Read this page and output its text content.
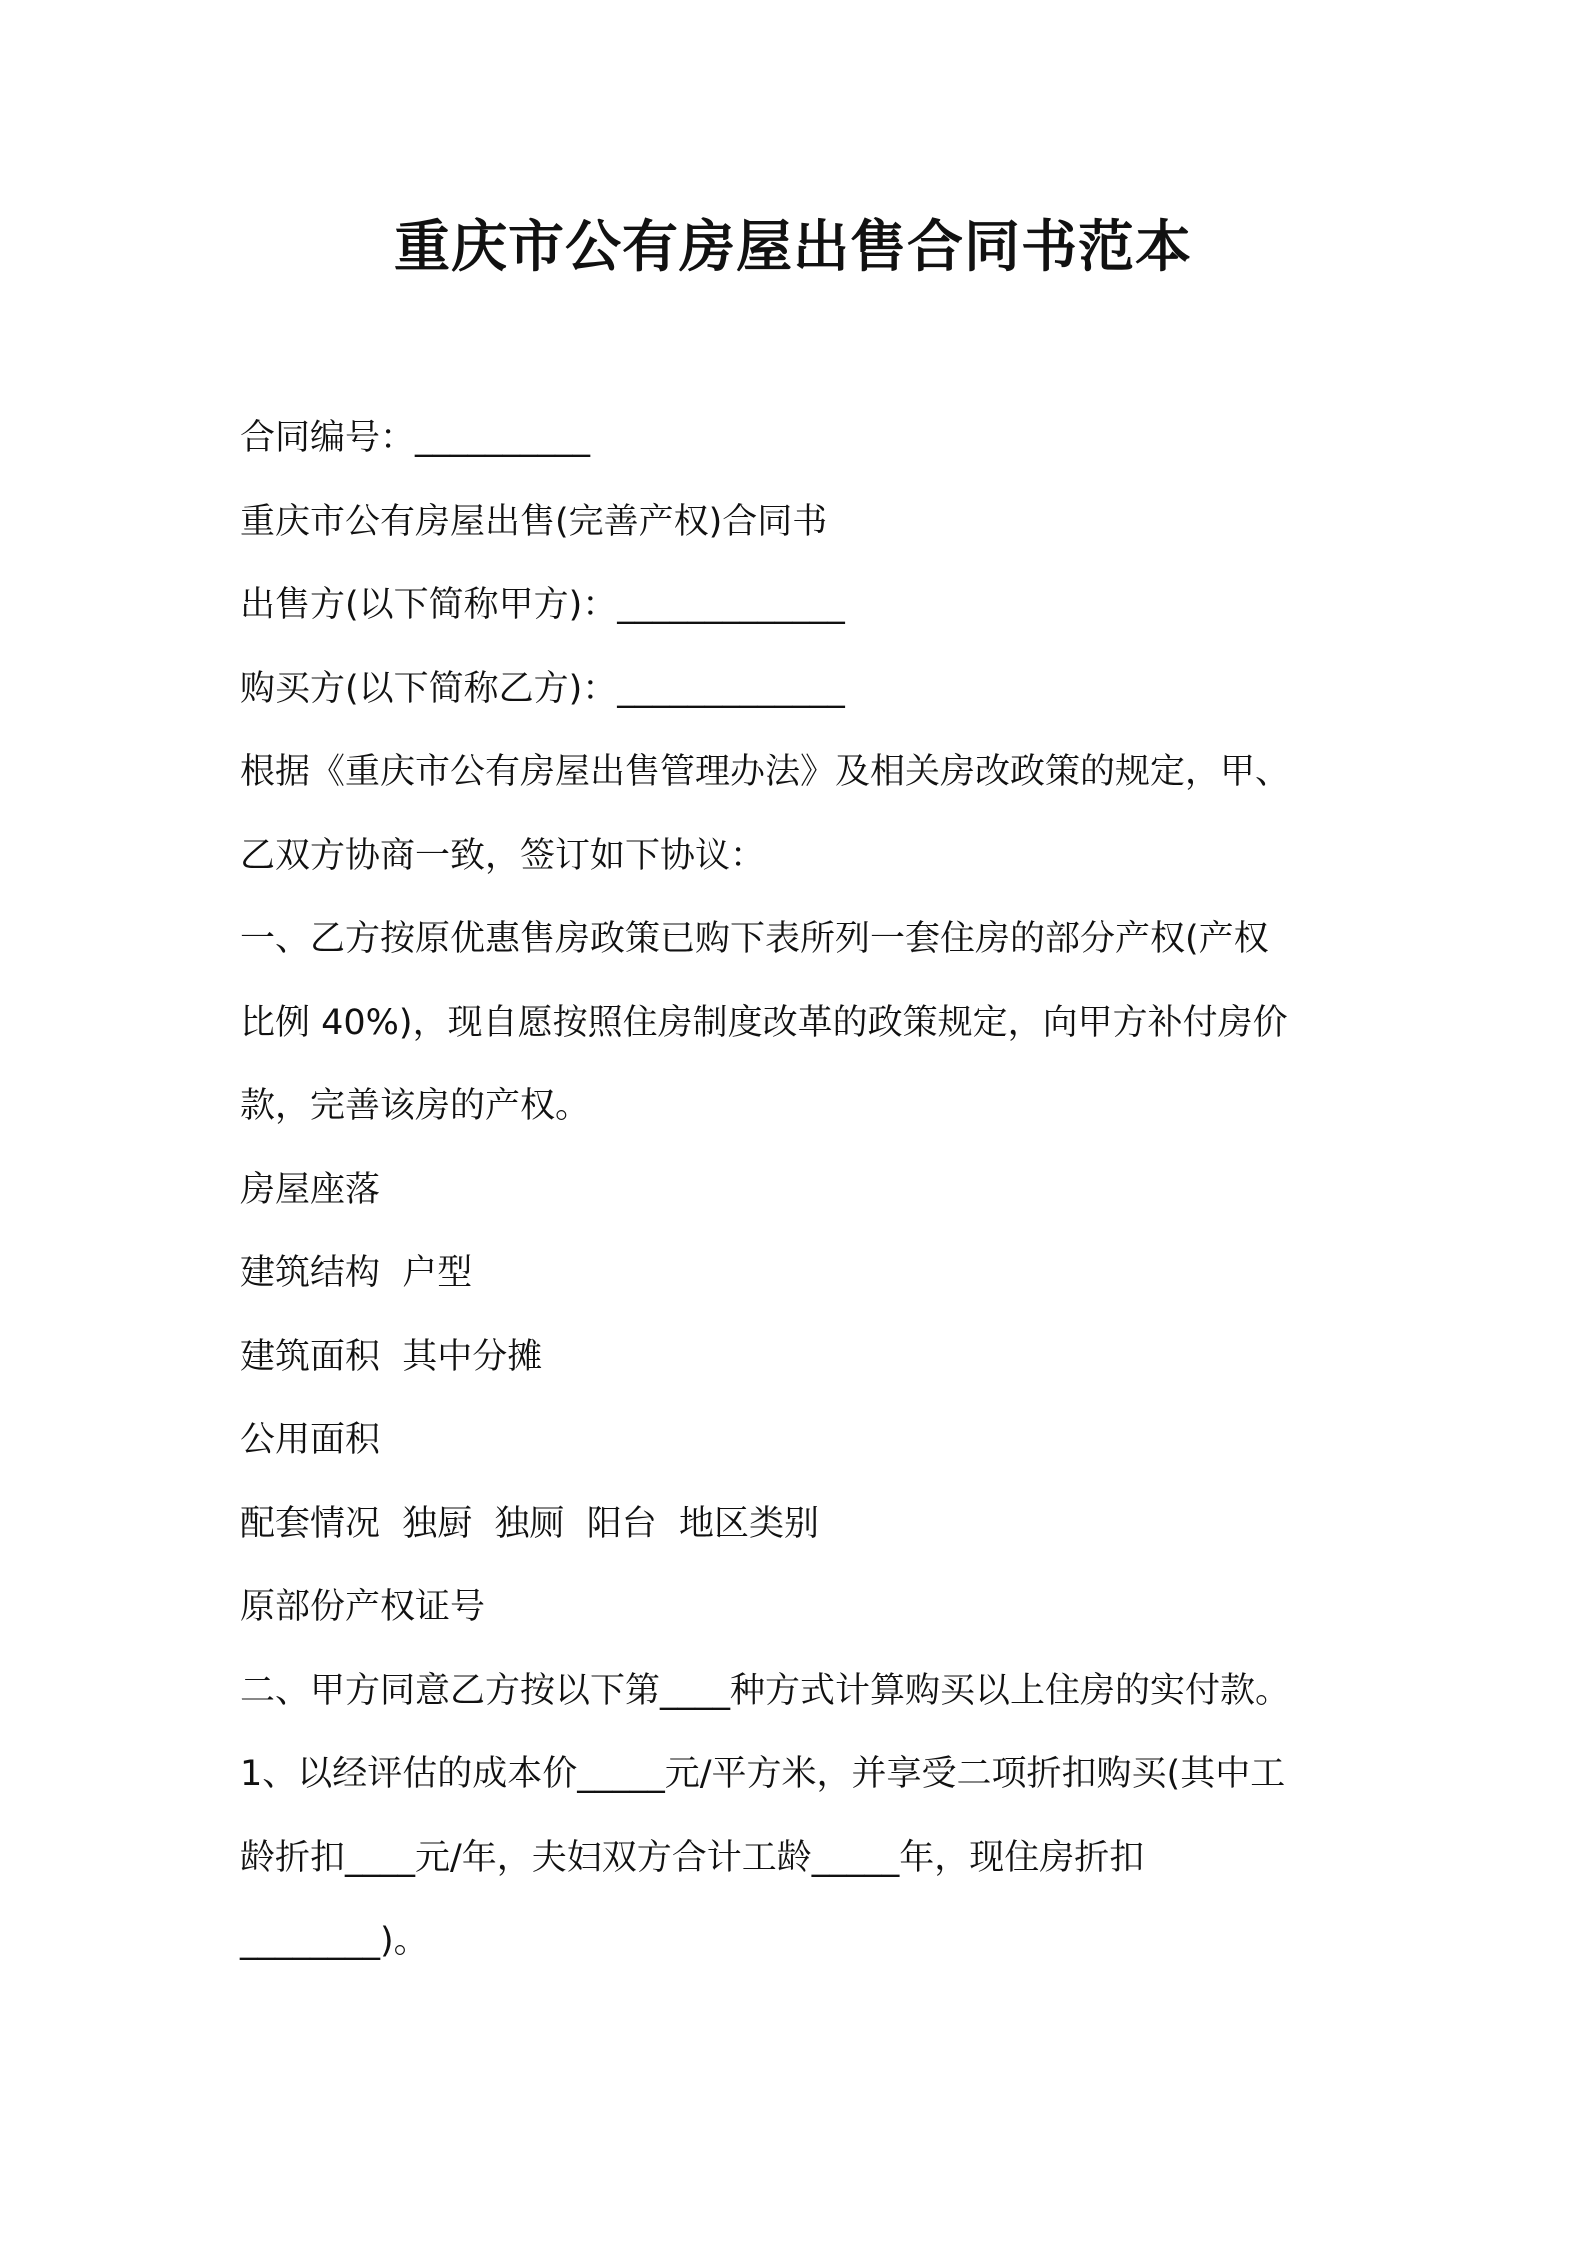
重庆市公有房屋出售合同书范本
合同编号：__________
重庆市公有房屋出售(完善产权)合同书
出售方(以下简称甲方)：_____________
购买方(以下简称乙方)：_____________
根据《重庆市公有房屋出售管理办法》及相关房改政策的规定，甲、
乙双方协商一致，签订如下协议：
一、乙方按原优惠售房政策已购下表所列一套住房的部分产权(产权
比例 40%)，现自愿按照住房制度改革的政策规定，向甲方补付房价
款，完善该房的产权。
房屋座落
建筑结构  户型
建筑面积  其中分摊
公用面积
配套情况  独厨  独厕  阳台  地区类别
原部份产权证号
二、甲方同意乙方按以下第____种方式计算购买以上住房的实付款。
1、以经评估的成本价_____元/平方米，并享受二项折扣购买(其中工
龄折扣____元/年，夫妇双方合计工龄_____年，现住房折扣
________)。
